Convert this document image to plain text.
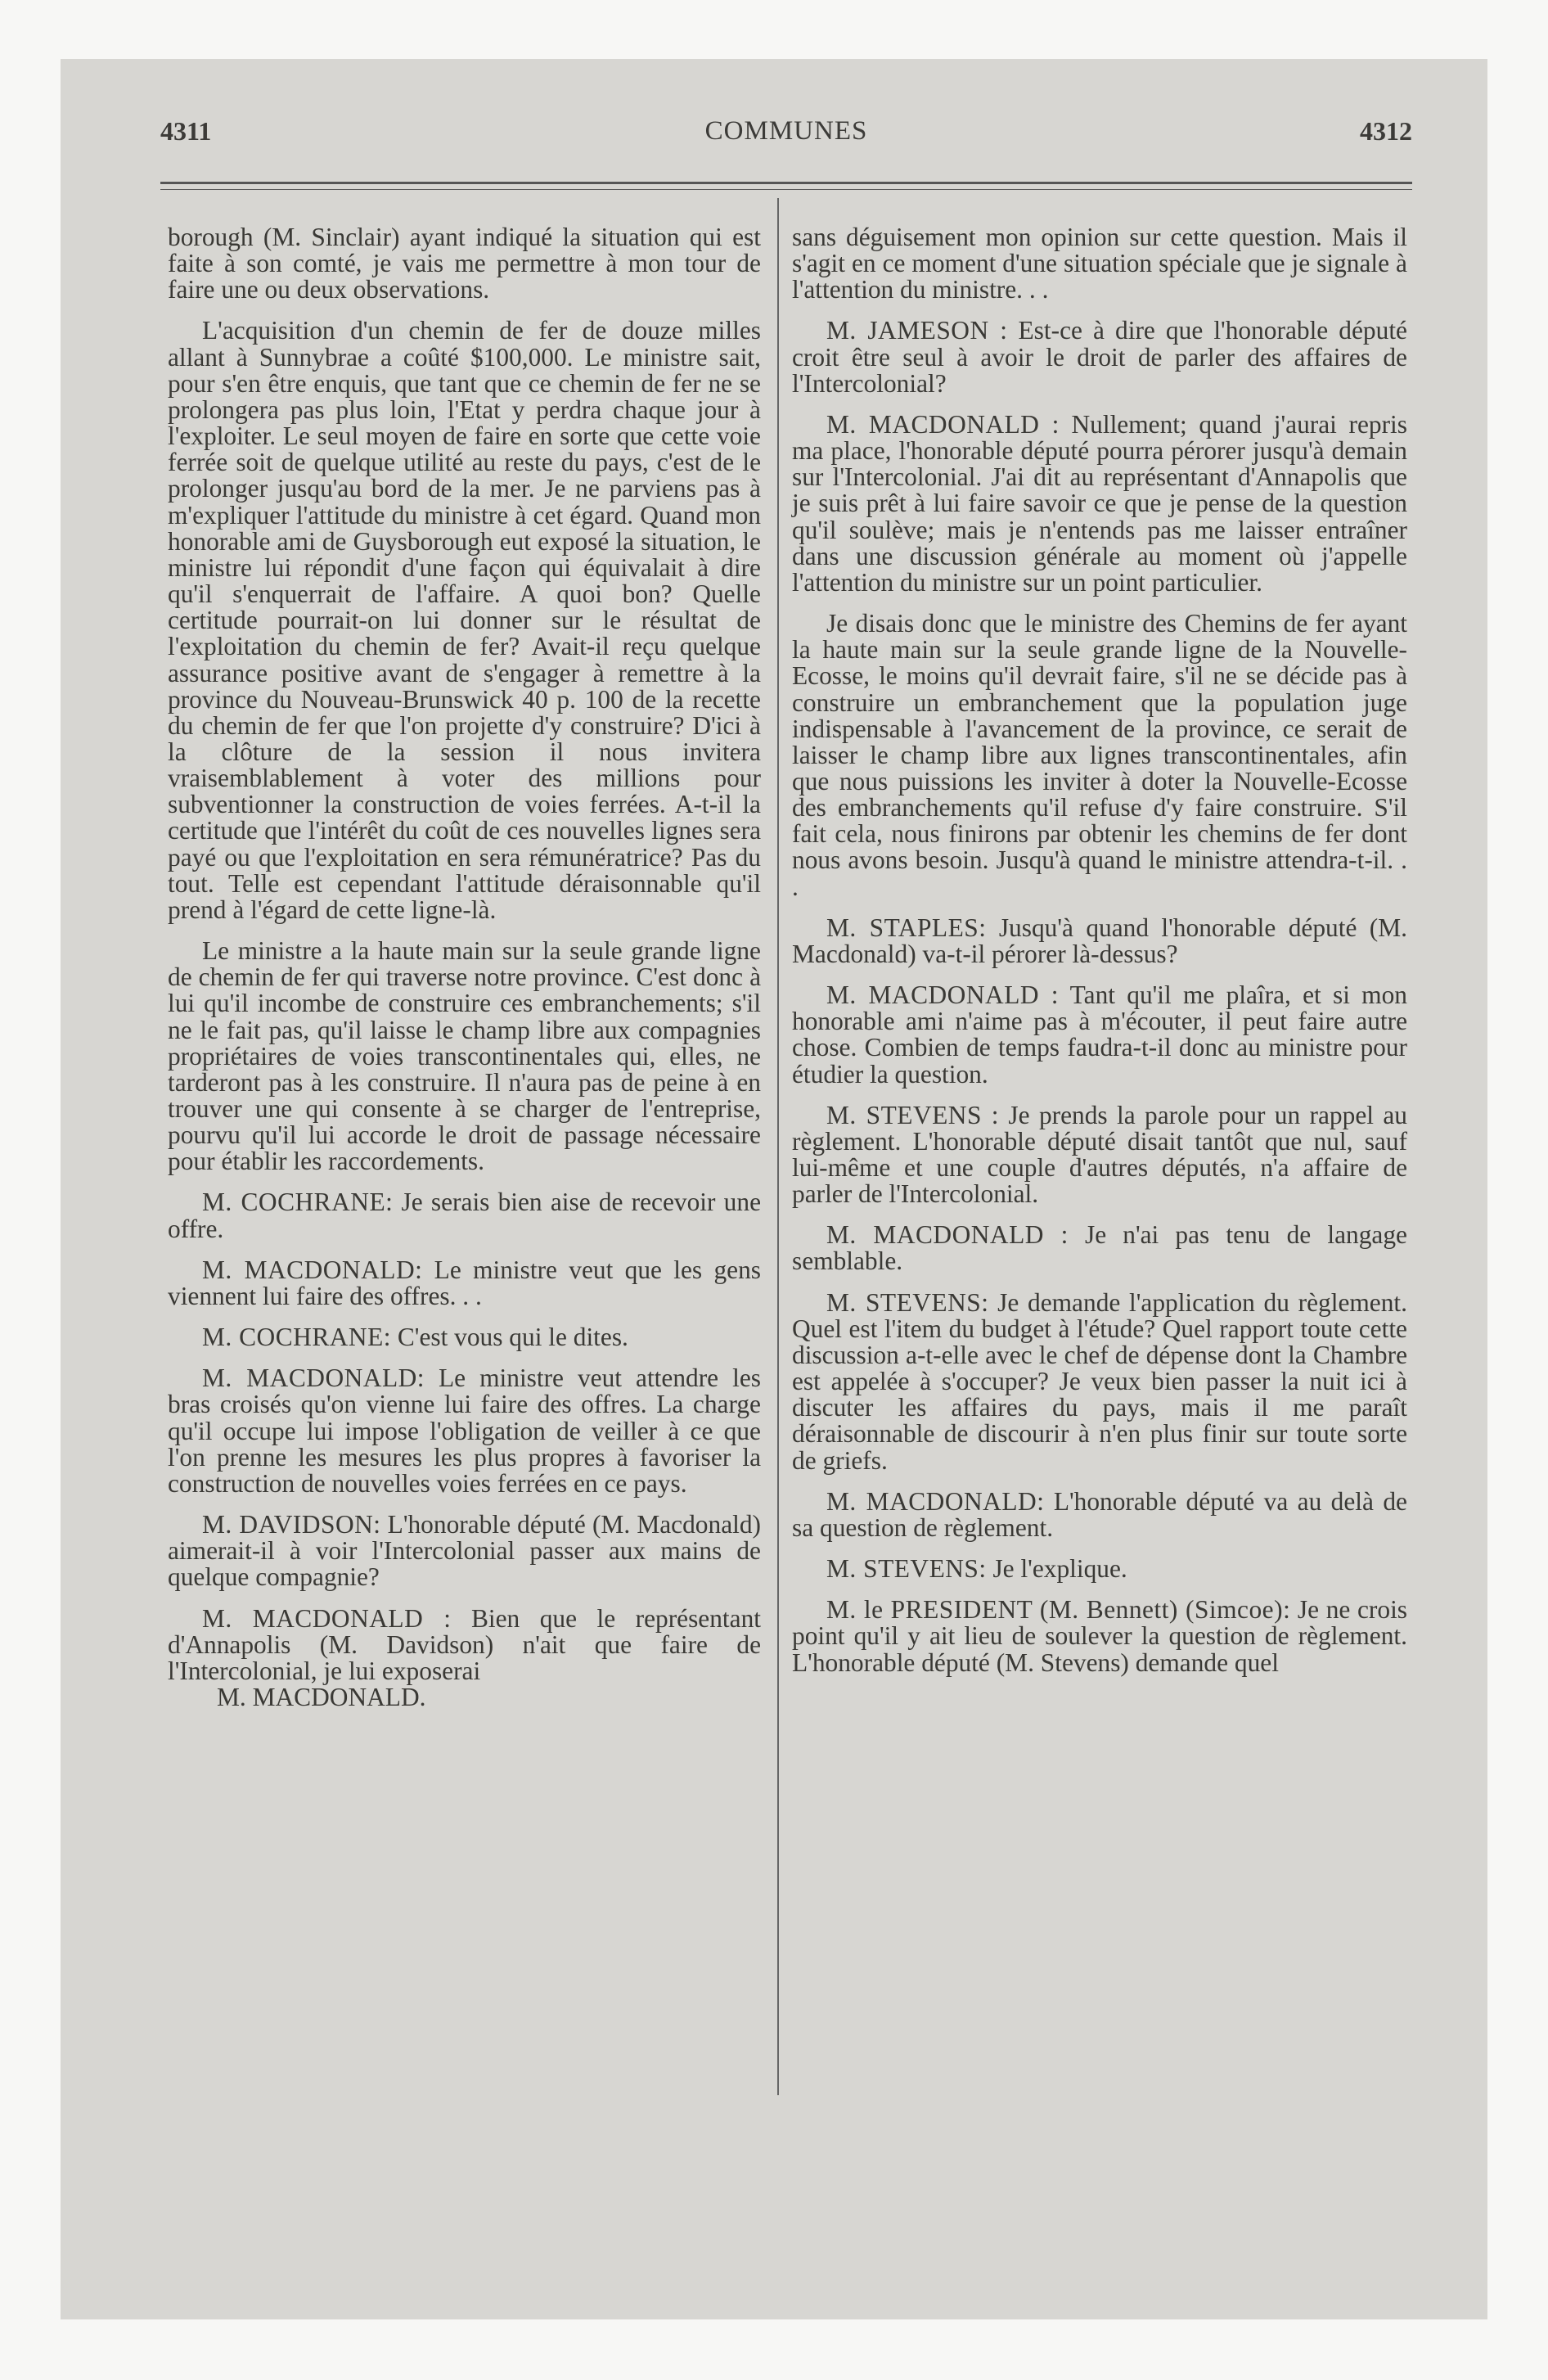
4311	COMMUNES	4312

borough (M. Sinclair) ayant indiqué la situation qui est faite à son comté, je vais me permettre à mon tour de faire une ou deux observations.

L'acquisition d'un chemin de fer de douze milles allant à Sunnybrae a coûté $100,000. Le ministre sait, pour s'en être enquis, que tant que ce chemin de fer ne se prolongera pas plus loin, l'Etat y perdra chaque jour à l'exploiter. Le seul moyen de faire en sorte que cette voie ferrée soit de quelque utilité au reste du pays, c'est de le prolonger jusqu'au bord de la mer. Je ne parviens pas à m'expliquer l'attitude du ministre à cet égard. Quand mon honorable ami de Guysborough eut exposé la situation, le ministre lui répondit d'une façon qui équivalait à dire qu'il s'enquerrait de l'affaire. A quoi bon? Quelle certitude pourrait-on lui donner sur le résultat de l'exploitation du chemin de fer? Avait-il reçu quelque assurance positive avant de s'engager à remettre à la province du Nouveau-Brunswick 40 p. 100 de la recette du chemin de fer que l'on projette d'y construire? D'ici à la clôture de la session il nous invitera vraisemblablement à voter des millions pour subventionner la construction de voies ferrées. A-t-il la certitude que l'intérêt du coût de ces nouvelles lignes sera payé ou que l'exploitation en sera rémunératrice? Pas du tout. Telle est cependant l'attitude déraisonnable qu'il prend à l'égard de cette ligne-là.

Le ministre a la haute main sur la seule grande ligne de chemin de fer qui traverse notre province. C'est donc à lui qu'il incombe de construire ces embranchements; s'il ne le fait pas, qu'il laisse le champ libre aux compagnies propriétaires de voies transcontinentales qui, elles, ne tarderont pas à les construire. Il n'aura pas de peine à en trouver une qui consente à se charger de l'entreprise, pourvu qu'il lui accorde le droit de passage nécessaire pour établir les raccordements.

M. COCHRANE: Je serais bien aise de recevoir une offre.

M. MACDONALD: Le ministre veut que les gens viennent lui faire des offres. . .

M. COCHRANE: C'est vous qui le dites.

M. MACDONALD: Le ministre veut attendre les bras croisés qu'on vienne lui faire des offres. La charge qu'il occupe lui impose l'obligation de veiller à ce que l'on prenne les mesures les plus propres à favoriser la construction de nouvelles voies ferrées en ce pays.

M. DAVIDSON: L'honorable député (M. Macdonald) aimerait-il à voir l'Intercolonial passer aux mains de quelque compagnie?

M. MACDONALD : Bien que le représentant d'Annapolis (M. Davidson) n'ait que faire de l'Intercolonial, je lui exposerai

M. MACDONALD.

sans déguisement mon opinion sur cette question. Mais il s'agit en ce moment d'une situation spéciale que je signale à l'attention du ministre. . .

M. JAMESON : Est-ce à dire que l'honorable député croit être seul à avoir le droit de parler des affaires de l'Intercolonial?

M. MACDONALD : Nullement; quand j'aurai repris ma place, l'honorable député pourra pérorer jusqu'à demain sur l'Intercolonial. J'ai dit au représentant d'Annapolis que je suis prêt à lui faire savoir ce que je pense de la question qu'il soulève; mais je n'entends pas me laisser entraîner dans une discussion générale au moment où j'appelle l'attention du ministre sur un point particulier.

Je disais donc que le ministre des Chemins de fer ayant la haute main sur la seule grande ligne de la Nouvelle-Ecosse, le moins qu'il devrait faire, s'il ne se décide pas à construire un embranchement que la population juge indispensable à l'avancement de la province, ce serait de laisser le champ libre aux lignes transcontinentales, afin que nous puissions les inviter à doter la Nouvelle-Ecosse des embranchements qu'il refuse d'y faire construire. S'il fait cela, nous finirons par obtenir les chemins de fer dont nous avons besoin. Jusqu'à quand le ministre attendra-t-il. . .

M. STAPLES: Jusqu'à quand l'honorable député (M. Macdonald) va-t-il pérorer là-dessus?

M. MACDONALD : Tant qu'il me plaîra, et si mon honorable ami n'aime pas à m'écouter, il peut faire autre chose. Combien de temps faudra-t-il donc au ministre pour étudier la question.

M. STEVENS : Je prends la parole pour un rappel au règlement. L'honorable député disait tantôt que nul, sauf lui-même et une couple d'autres députés, n'a affaire de parler de l'Intercolonial.

M. MACDONALD : Je n'ai pas tenu de langage semblable.

M. STEVENS: Je demande l'application du règlement. Quel est l'item du budget à l'étude? Quel rapport toute cette discussion a-t-elle avec le chef de dépense dont la Chambre est appelée à s'occuper? Je veux bien passer la nuit ici à discuter les affaires du pays, mais il me paraît déraisonnable de discourir à n'en plus finir sur toute sorte de griefs.

M. MACDONALD: L'honorable député va au delà de sa question de règlement.

M. STEVENS: Je l'explique.

M. le PRESIDENT (M. Bennett) (Simcoe): Je ne crois point qu'il y ait lieu de soulever la question de règlement. L'honorable député (M. Stevens) demande quel
